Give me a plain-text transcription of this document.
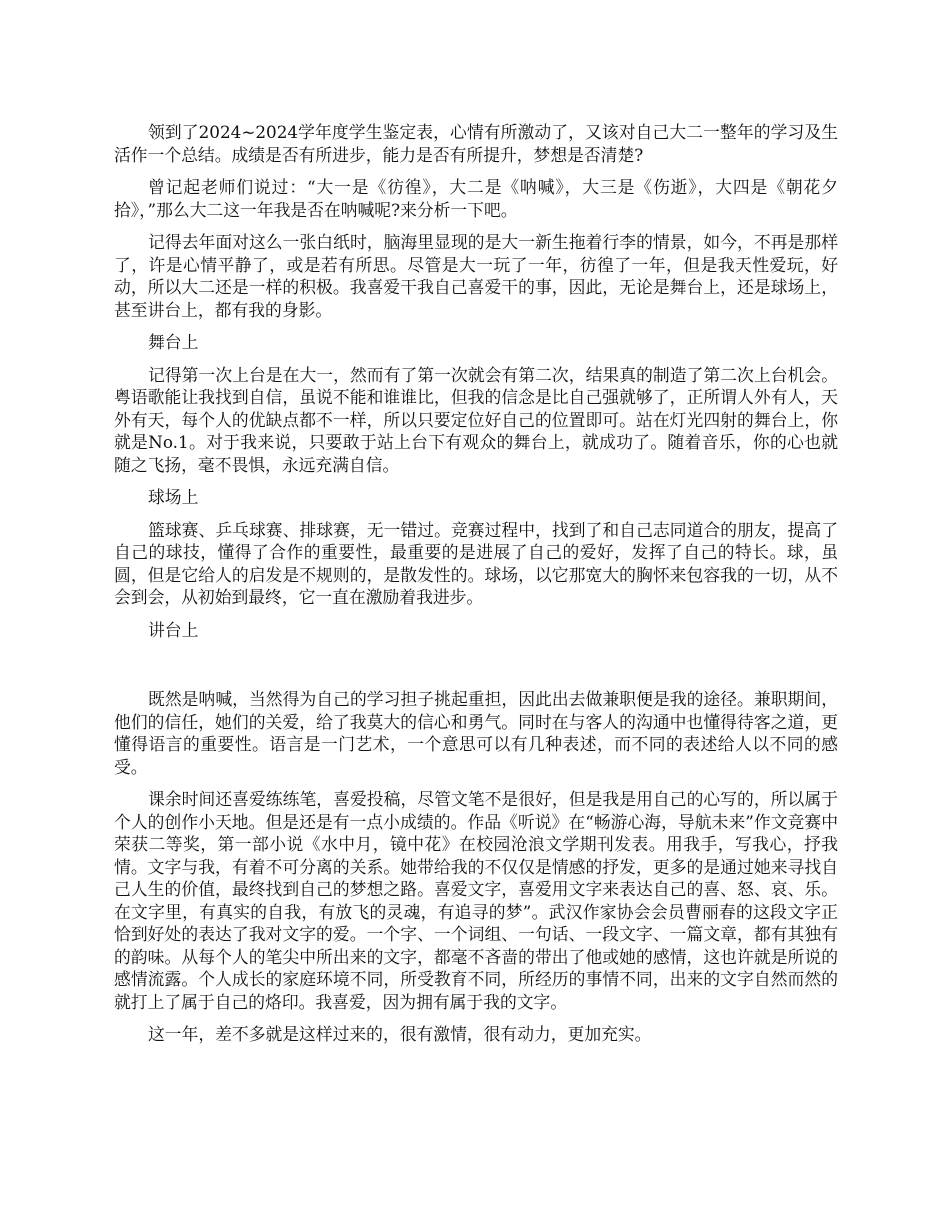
领到了2024~2024学年度学生鉴定表，心情有所激动了，又该对自己大二一整年的学习及生活作一个总结。成绩是否有所进步，能力是否有所提升，梦想是否清楚?

曾记起老师们说过：“大一是《彷徨》，大二是《呐喊》，大三是《伤逝》，大四是《朝花夕拾》，”那么大二这一年我是否在呐喊呢?来分析一下吧。

记得去年面对这么一张白纸时，脑海里显现的是大一新生拖着行李的情景，如今，不再是那样了，许是心情平静了，或是若有所思。尽管是大一玩了一年，彷徨了一年，但是我天性爱玩，好动，所以大二还是一样的积极。我喜爱干我自己喜爱干的事，因此，无论是舞台上，还是球场上，甚至讲台上，都有我的身影。

舞台上

记得第一次上台是在大一，然而有了第一次就会有第二次，结果真的制造了第二次上台机会。粤语歌能让我找到自信，虽说不能和谁谁比，但我的信念是比自己强就够了，正所谓人外有人，天外有天，每个人的优缺点都不一样，所以只要定位好自己的位置即可。站在灯光四射的舞台上，你就是No.1。对于我来说，只要敢于站上台下有观众的舞台上，就成功了。随着音乐，你的心也就随之飞扬，毫不畏惧，永远充满自信。

球场上

篮球赛、乒乓球赛、排球赛，无一错过。竞赛过程中，找到了和自己志同道合的朋友，提高了自己的球技，懂得了合作的重要性，最重要的是进展了自己的爱好，发挥了自己的特长。球，虽圆，但是它给人的启发是不规则的，是散发性的。球场，以它那宽大的胸怀来包容我的一切，从不会到会，从初始到最终，它一直在激励着我进步。

讲台上

既然是呐喊，当然得为自己的学习担子挑起重担，因此出去做兼职便是我的途径。兼职期间，他们的信任，她们的关爱，给了我莫大的信心和勇气。同时在与客人的沟通中也懂得待客之道，更懂得语言的重要性。语言是一门艺术，一个意思可以有几种表述，而不同的表述给人以不同的感受。

课余时间还喜爱练练笔，喜爱投稿，尽管文笔不是很好，但是我是用自己的心写的，所以属于个人的创作小天地。但是还是有一点小成绩的。作品《听说》在“畅游心海，导航未来”作文竞赛中荣获二等奖，第一部小说《水中月，镜中花》在校园沧浪文学期刊发表。用我手，写我心，抒我情。文字与我，有着不可分离的关系。她带给我的不仅仅是情感的抒发，更多的是通过她来寻找自己人生的价值，最终找到自己的梦想之路。喜爱文字，喜爱用文字来表达自己的喜、怒、哀、乐。在文字里，有真实的自我，有放飞的灵魂，有追寻的梦”。武汉作家协会会员曹丽春的这段文字正恰到好处的表达了我对文字的爱。一个字、一个词组、一句话、一段文字、一篇文章，都有其独有的韵味。从每个人的笔尖中所出来的文字，都毫不吝啬的带出了他或她的感情，这也许就是所说的感情流露。个人成长的家庭环境不同，所受教育不同，所经历的事情不同，出来的文字自然而然的就打上了属于自己的烙印。我喜爱，因为拥有属于我的文字。

这一年，差不多就是这样过来的，很有激情，很有动力，更加充实。
